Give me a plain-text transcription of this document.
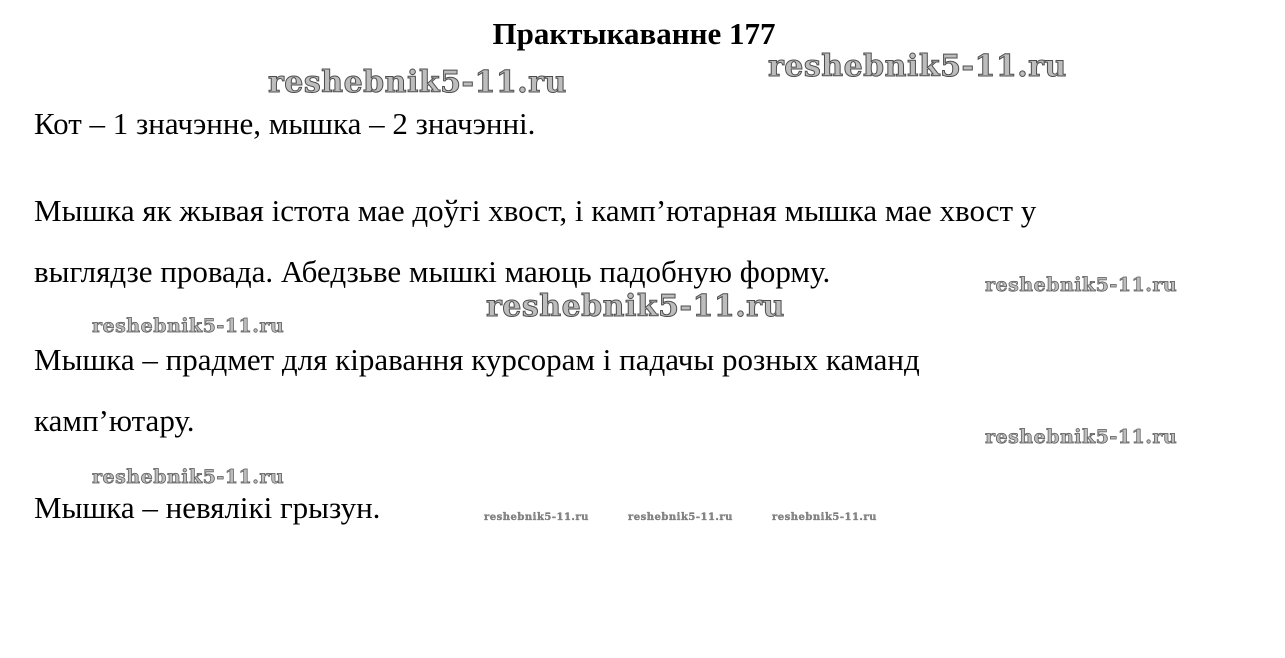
Практыкаванне 177
Кот – 1 значэнне, мышка – 2 значэнні.
Мышка як жывая істота мае доўгі хвост, і камп’ютарная мышка мае хвост у
выглядзе провада. Абедзьве мышкі маюць падобную форму.
Мышка – прадмет для кіравання курсорам і падачы розных каманд
камп’ютару.
Мышка – невялікі грызун.
reshebnik5-11.ru	reshebnik5-11.ru
reshebnik5-11.ru
reshebnik5-11.ru
reshebnik5-11.ru
reshebnik5-11.ru
reshebnik5-11.ru
reshebnik5-11.ru	reshebnik5-11.ru	reshebnik5-11.ru
